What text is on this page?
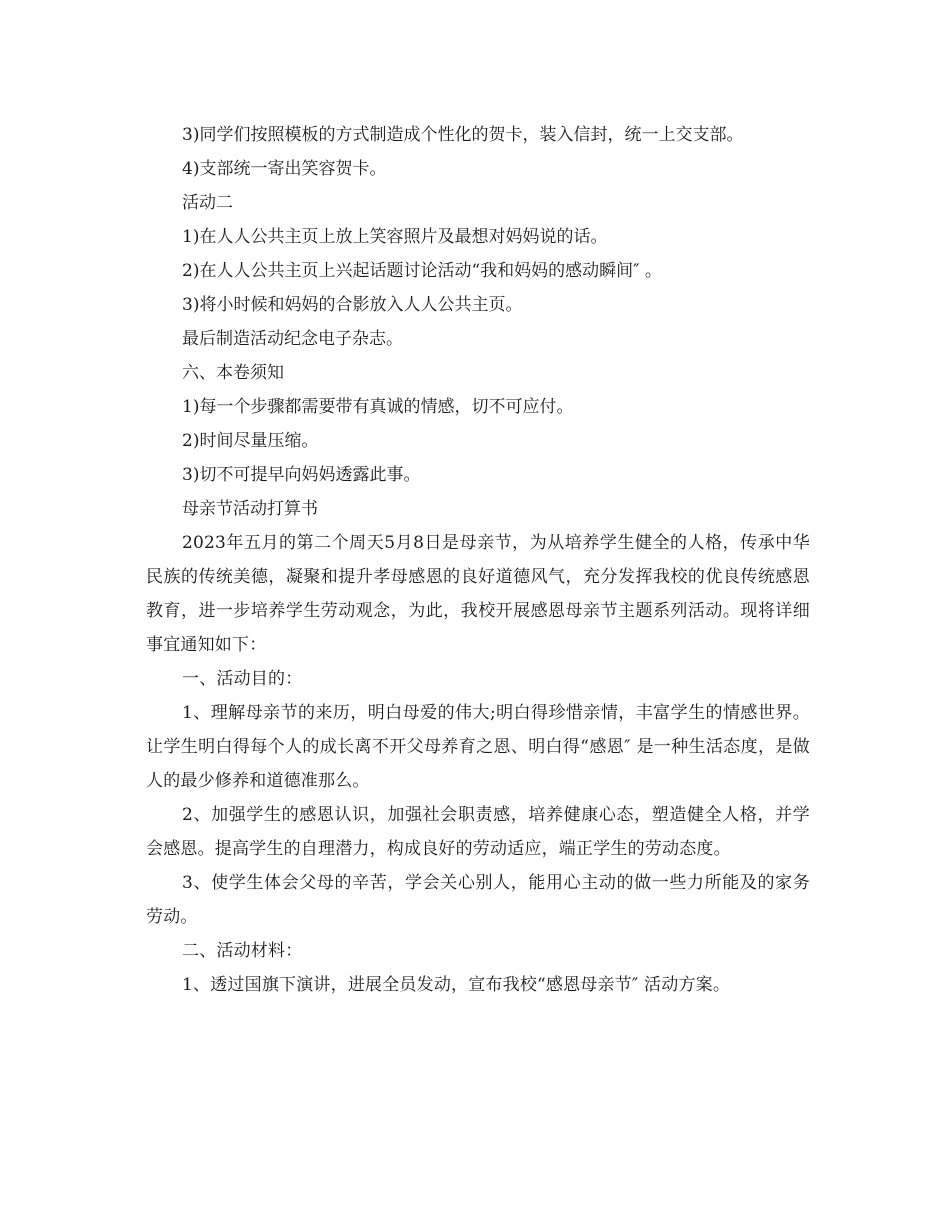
3)同学们按照模板的方式制造成个性化的贺卡，装入信封，统一上交支部。
4)支部统一寄出笑容贺卡。
活动二
1)在人人公共主页上放上笑容照片及最想对妈妈说的话。
2)在人人公共主页上兴起话题讨论活动“我和妈妈的感动瞬间″ 。
3)将小时候和妈妈的合影放入人人公共主页。
最后制造活动纪念电子杂志。
六、本卷须知
1)每一个步骤都需要带有真诚的情感，切不可应付。
2)时间尽量压缩。
3)切不可提早向妈妈透露此事。
母亲节活动打算书
2023年五月的第二个周天5月8日是母亲节，为从培养学生健全的人格，传承中华民族的传统美德，凝聚和提升孝母感恩的良好道德风气，充分发挥我校的优良传统感恩教育，进一步培养学生劳动观念，为此，我校开展感恩母亲节主题系列活动。现将详细事宜通知如下：
一、活动目的：
1、理解母亲节的来历，明白母爱的伟大;明白得珍惜亲情，丰富学生的情感世界。让学生明白得每个人的成长离不开父母养育之恩、明白得“感恩″ 是一种生活态度，是做人的最少修养和道德准那么。
2、加强学生的感恩认识，加强社会职责感，培养健康心态，塑造健全人格，并学会感恩。提高学生的自理潜力，构成良好的劳动适应，端正学生的劳动态度。
3、使学生体会父母的辛苦，学会关心别人，能用心主动的做一些力所能及的家务劳动。
二、活动材料：
1、透过国旗下演讲，进展全员发动，宣布我校“感恩母亲节″ 活动方案。
